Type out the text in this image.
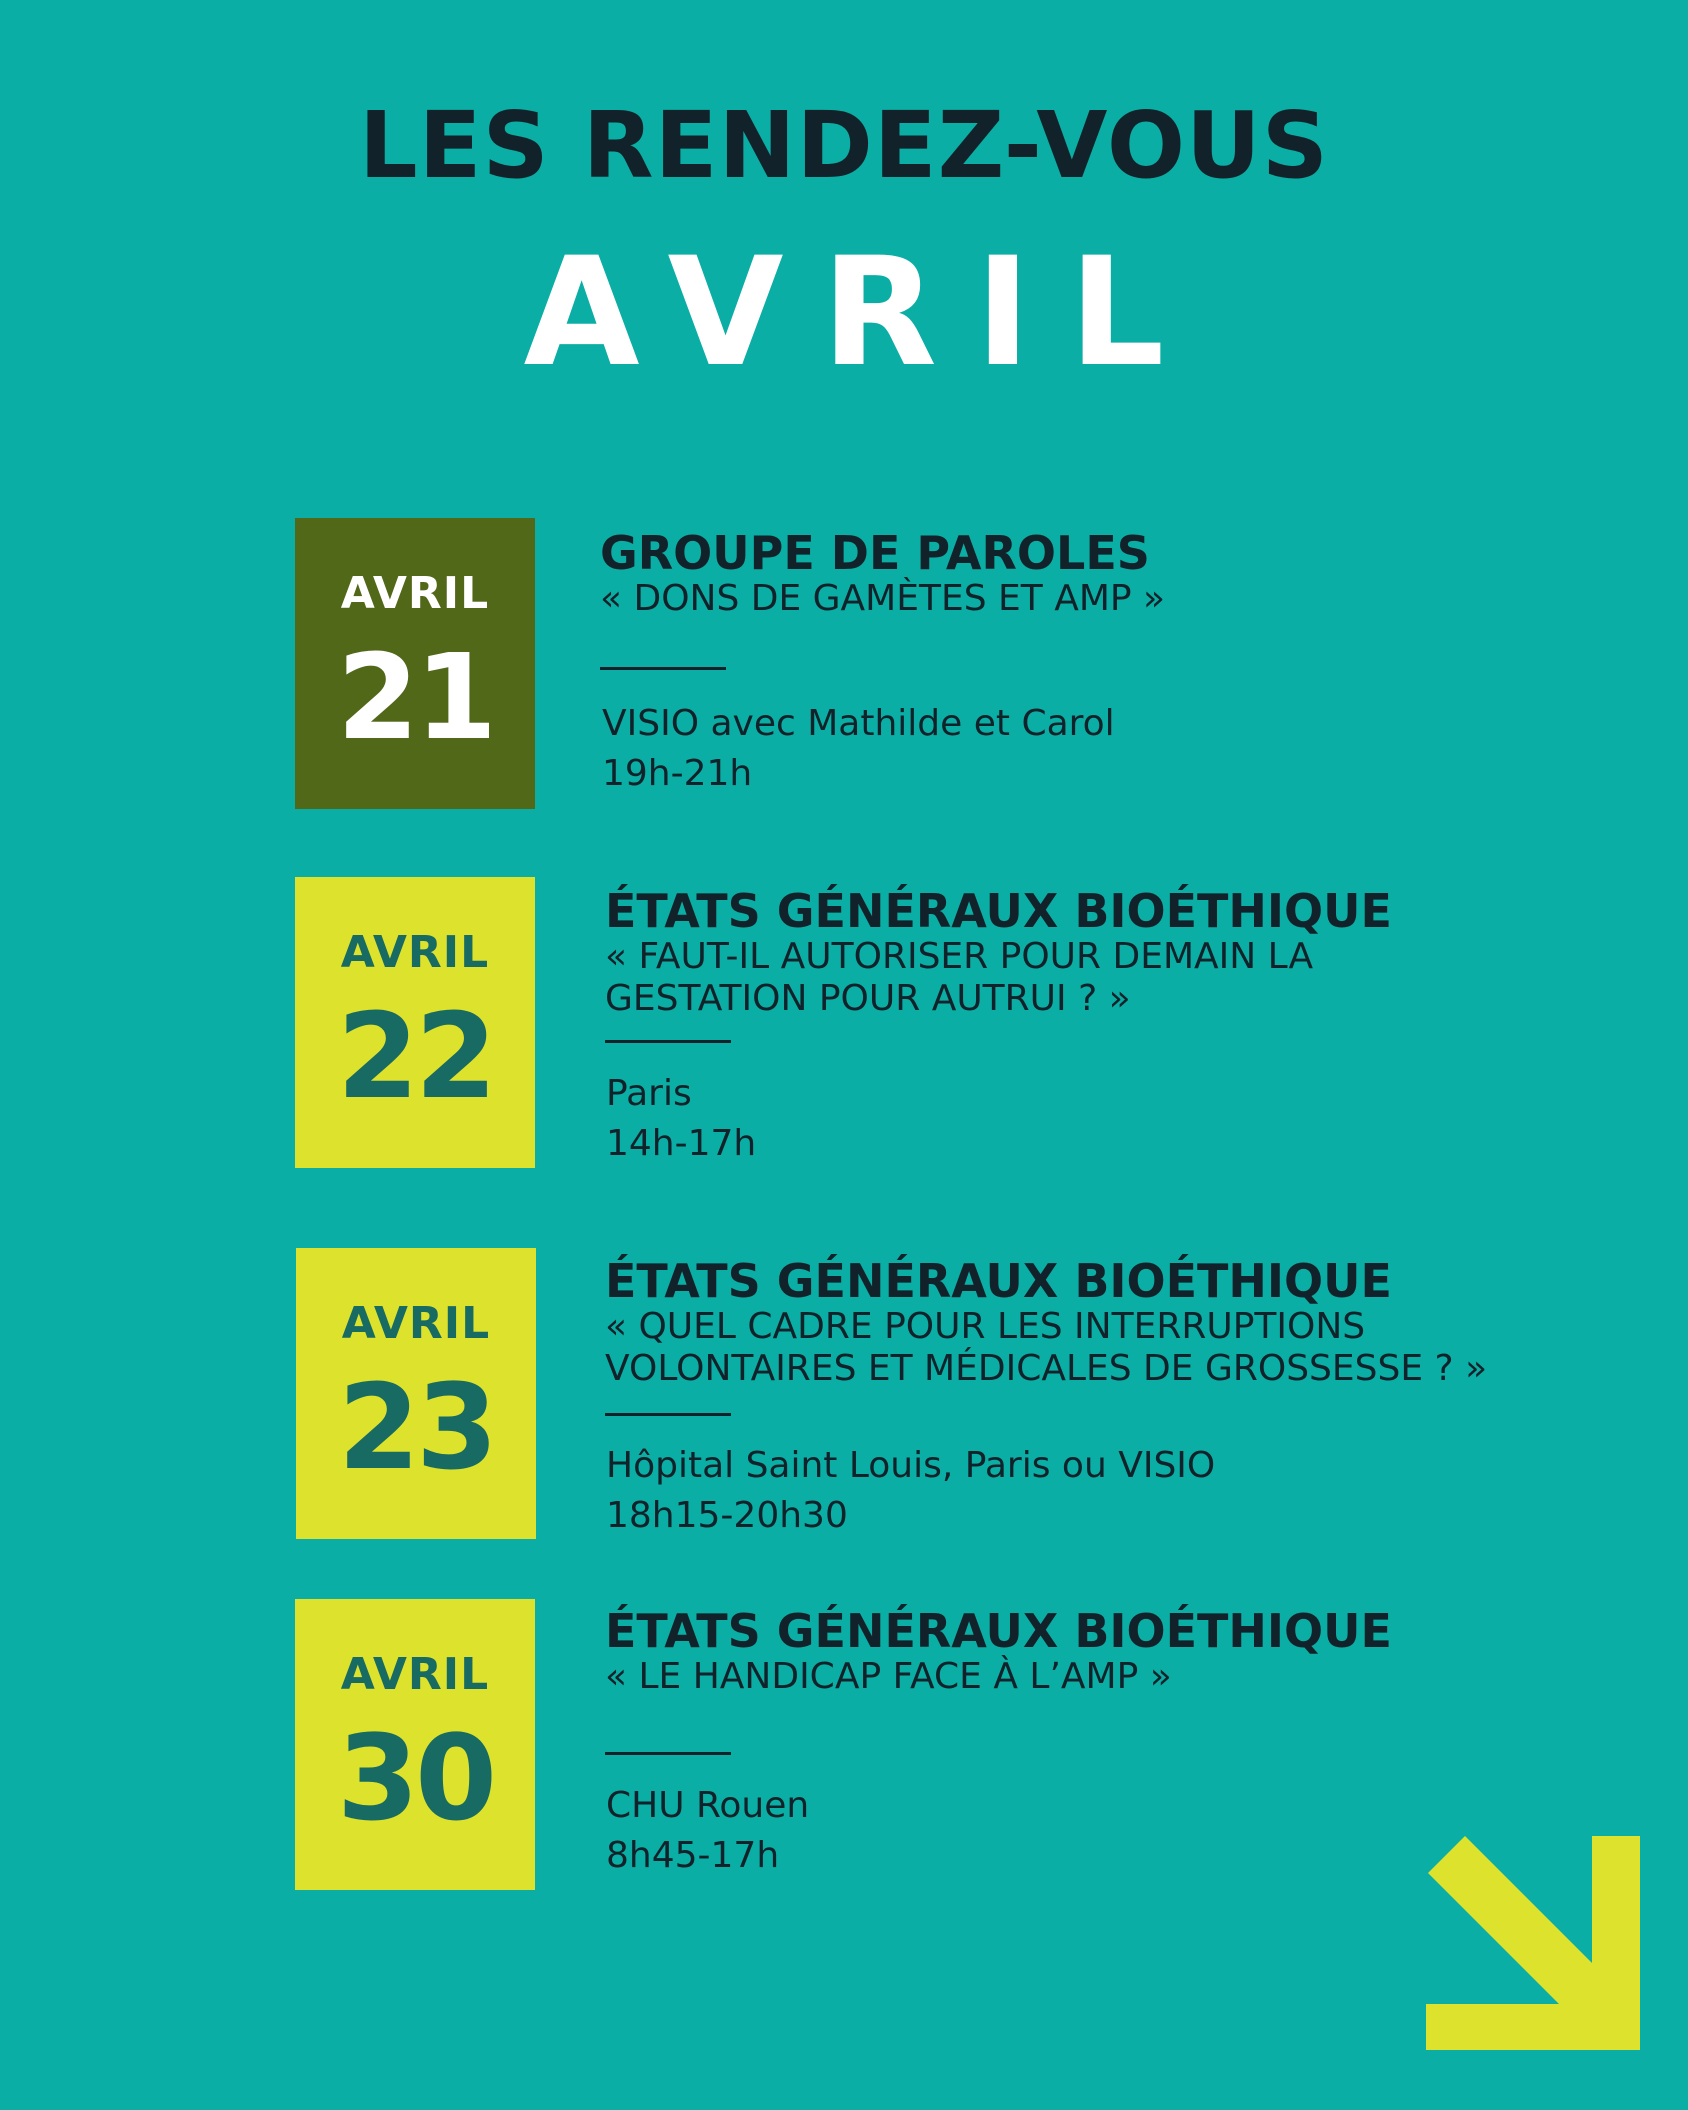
LES RENDEZ-VOUS
AVRIL
AVRIL
21
GROUPE DE PAROLES
« DONS DE GAMÈTES ET AMP »
VISIO avec Mathilde et Carol
19h-21h
AVRIL
22
ÉTATS GÉNÉRAUX BIOÉTHIQUE
« FAUT-IL AUTORISER POUR DEMAIN LA
GESTATION POUR AUTRUI ? »
Paris
14h-17h
AVRIL
23
ÉTATS GÉNÉRAUX BIOÉTHIQUE
« QUEL CADRE POUR LES INTERRUPTIONS
VOLONTAIRES ET MÉDICALES DE GROSSESSE ? »
Hôpital Saint Louis, Paris ou VISIO
18h15-20h30
AVRIL
30
ÉTATS GÉNÉRAUX BIOÉTHIQUE
« LE HANDICAP FACE À L’AMP »
CHU Rouen
8h45-17h
